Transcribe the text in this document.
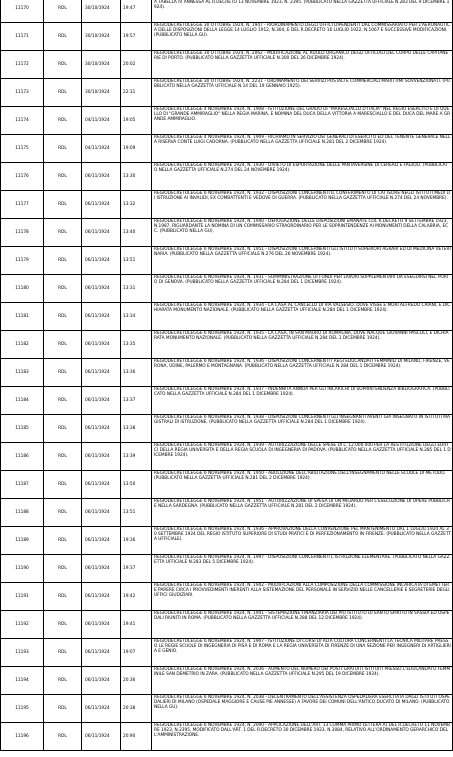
11170	RDL	30/10/1924	19:47	A TABELLA IV ANNESSA AL R.DECRETO 13 NOVEMBRE 1923, N. 2395. (PUBBLICATO NELLA GAZZETTA UFFICIALE N.283 DEL 9 DICEMBRE 1924).
11171	RDL	30/10/1924	19:57	REGIODECRETOLEGGE 30 OTTOBRE 1924, N. 1947 - RIORDINAMENTO DEGLI UFFICI DIPENDENTI DAL COMMISSARIATO PER L'AERONAUTICA DELLE DISPOSIZIONI DELLA LEGGE 14 LUGLIO 1912, N.304, E DEL R.DECRETO 16 LUGLIO 1922, N.1067 E SUCCESSIVE MODIFICAZIONI. (PUBBLICATO NELLA GU).
11172	RDL	30/10/1924	20:02	REGIODECRETOLEGGE 30 OTTOBRE 1924, N. 2062 - MODIFICAZIONE AL RUOLO ORGANICO DEGLI UFFICIALI DEL CORPO DELLE CAPITANERIE DI PORTO. (PUBBLICATO NELLA GAZZETTA UFFICIALE N.300 DEL 26 DICEMBRE 1924).
11173	RDL	30/10/1924	22:31	REGIODECRETOLEGGE 30 OTTOBRE 1924, N. 2231 - ORDINAMENTO DEI SERVIZI POSTALI E COMMERCIALI MARITTIMI SOVVENZIONATI. (PUBBLICATO NELLA GAZZETTA UFFICIALE N.14 DEL 19 GENNAIO 1925).
11174	RDL	04/11/1924	19:05	REGIODECRETOLEGGE 4 NOVEMBRE 1924, N. 1908 - ISTITUZIONE DEL GRADO DI "MARESCIALLO D'ITALIA" NEL REGIO ESERCITO E DI QUELLO DI "GRANDE AMMIRAGLIO" NELLA REGIA MARINA, E NOMINA DEL DUCA DELLA VITTORIA A MARESCIALLO E DEL DUCA DEL MARE A GRANDE AMMIRAGLIO.
11175	RDL	04/11/1924	19:09	REGIODECRETOLEGGE 4 NOVEMBRE 1924, N. 1909 - RICHIAMO IN SERVIZIO DEI GENERALI DI ESERCITO ED DEL TENENTE GENERALE NELLA RISERVA CONTE LUIGI CADORNA. (PUBBLICATO NELLA GAZZETTA UFFICIALE N.281 DEL 2 DICEMBRE 1924).
11176	RDL	06/11/1924	13:30	REGIODECRETOLEGGE 6 NOVEMBRE 1924, N. 1930 - DIVIETO DI ESPORTAZIONE DELLE PANTAVERSINE DI CEREALI E FAGIOLI. (PUBBLICATO NELLA GAZZETTA UFFICIALE N.274 DEL 24 NOVEMBRE 1924).
11177	RDL	06/11/1924	13:32	REGIODECRETOLEGGE 6 NOVEMBRE 1924, N. 1932 - DISPOSIZIONI CONCERNENTI IL CONFERIMENTO DI CATTEDRE NEGLI ISTITUTI MEDI DI ISTRUZIONE AI INVALIDI, EX COMBATTENTI E VEDOVE DI GUERRA. (PUBBLICATO NELLA GAZZETTA UFFICIALE N.274 DEL 24 NOVEMBRE).
11178	RDL	06/11/1924	13:40	REGIODECRETOLEGGE 6 NOVEMBRE 1924, N. 1940 - DEROGAZIONE DELLE DISPOSIZIONI EMANATE COL R.DECRETO 9 SETTEMBRE 1923, N.1987, RIGUARDANTE LA NOMINA DI UN COMMISSARIO STRAORDINARIO PER LE SOPRINTENDENZE AI MONUMENTI DELLA CALABRIA, ECC. (PUBBLICATO NELLA GU).
11179	RDL	06/11/1924	13:51	REGIODECRETOLEGGE 6 NOVEMBRE 1924, N. 1951 - DISPOSIZIONI CONCERNENTI GLI ISTITUTI SUPERIORI AGRARI ED DI MEDICINA VETERINARIA. (PUBBLICATO NELLA GAZZETTA UFFICIALE N.276 DEL 26 NOVEMBRE 1924).
11180	RDL	06/11/1924	13:31	REGIODECRETOLEGGE 6 NOVEMBRE 1924, N. 1931 - SOMMINISTRAZIONE DI FONDI PER LAVORI SUPPLEMENTARI DA ESEGUIRSI NEL PORTO DI GENOVA. (PUBBLICATO NELLA GAZZETTA UFFICIALE N.284 DEL 1 DICEMBRE 1924).
11181	RDL	06/11/1924	13:34	REGIODECRETOLEGGE 6 NOVEMBRE 1924, N. 1934 - LA CASA AL CANCELLO DI VIA VALSESIO, DOVE VISSE E MORI ALFREDO CRIANI, E DICHIARATA MONUMENTO NAZIONALE. (PUBBLICATO NELLA GAZZETTA UFFICIALE N.284 DEL 1 DICEMBRE 1924).
11182	RDL	06/11/1924	13:35	REGIODECRETOLEGGE 6 NOVEMBRE 1924, N. 1935 - LA CASA, IN SAN MAURO DI ROMAGNA, DOVE NACQUE GIOVANNI PASCOLI, E DICHIARATA MONUMENTO NAZIONALE. (PUBBLICATO NELLA GAZZETTA UFFICIALE N.284 DEL 1 DICEMBRE 1924).
11183	RDL	06/11/1924	13:36	REGIODECRETOLEGGE 6 NOVEMBRE 1924, N. 1936 - DISPOSIZIONI CONCERNENTI I REGI EDUCANDATI FEMMINILI DI MILANO, FIRENZE, VERONA, UDINE, PALERMO E MONTAGNANA. (PUBBLICATO NELLA GAZZETTA UFFICIALE N.284 DEL 1 DICEMBRE 1924).
11184	RDL	06/11/1924	13:37	REGIODECRETOLEGGE 6 NOVEMBRE 1924, N. 1937 - INDENNITA ANNUA PER GLI INCARICHI DI SOPRINTENDENZA BIBLIOGRAFICA. (PUBBLICATO NELLA GAZZETTA UFFICIALE N.284 DEL 1 DICEMBRE 1924).
11185	RDL	06/11/1924	13:38	REGIODECRETOLEGGE 6 NOVEMBRE 1924, N. 1938 - DISPOSIZIONI CONCERNENTI GLI INSEGNANTI AVENTI GIA INSEGNATO IN ISTITUTI MAGISTRALI DI ISTRUZIONE. (PUBBLICATO NELLA GAZZETTA UFFICIALE N.284 DEL 1 DICEMBRE 1924).
11186	RDL	06/11/1924	13:39	REGIODECRETOLEGGE 6 NOVEMBRE 1924, N. 1939 - AUTORIZZAZIONE DELLE SPESE DI L. 12.000.000 PER LA RESTITUZIONE DEGLI EDIFICI DELLA REGIA UNIVERSITA E DELLA REGIA SCUOLA DI INGEGNERIA DI PADOVA. (PUBBLICATO NELLA GAZZETTA UFFICIALE N.285 DEL 1 DICEMBRE 1924).
11187	RDL	06/11/1924	13:50	REGIODECRETOLEGGE 6 NOVEMBRE 1924, N. 1950 - ABOLIZIONE DELL'ABILITAZIONE DELL'INSEGNAMENTO NELLE SCUOLE DI METODO. (PUBBLICATO NELLA GAZZETTA UFFICIALE N.281 DEL 2 DICEMBRE 1924).
11188	RDL	06/11/1924	13:51	REGIODECRETOLEGGE 6 NOVEMBRE 1924, N. 1951 - AUTORIZZAZIONE DI SPESA DI UN MILIARDO PER L'ESECUZIONE DI OPERE PUBBLICHE NELLA SARDEGNA. (PUBBLICATO NELLA GAZZETTA UFFICIALE N.281 DEL 2 DICEMBRE 1924).
11189	RDL	06/11/1924	19:36	REGIODECRETOLEGGE 6 NOVEMBRE 1924, N. 1936 - APPROVAZIONE DELLA CONVENZIONE PEL MANTENIMENTO DAL 1 LUGLIO 1924 AL 30 SETTEMBRE 1924 DEL REGIO ISTITUTO SUPERIORE DI STUDI PRATICI E DI PERFEZIONAMENTO IN FIRENZE. (PUBBLICATO NELLA GAZZETTA UFFICIALE).
11190	RDL	06/11/1924	19:37	REGIODECRETOLEGGE 6 NOVEMBRE 1924, N. 1997 - DISPOSIZIONI CONCERNENTI L'ISTRUZIONE ELEMENTARE. (PUBBLICATO NELLA GAZZETTA UFFICIALE N.283 DEL 5 DICEMBRE 1924).
11191	RDL	06/11/1924	19:42	REGIODECRETOLEGGE 6 NOVEMBRE 1924, N. 1942 - MODIFICAZIONI ALLA COMPOSIZIONE DELLA COMMISSIONE INCARICATA DI EMETTERE PARERE CIRCA I PROVVEDIMENTI INERENTI ALLA SISTEMAZIONE DEL PERSONALE IN SERVIZIO NELLE CANCELLERIE E SEGRETERIE DEGLI UFFICI GIUDIZIARI.
11192	RDL	06/11/1924	19:41	REGIODECRETOLEGGE 6 NOVEMBRE 1924, N. 1941 - SISTEMAZIONE FINANZIARIA DEI PIO ISTITUTO DI SANTO SPIRITO IN SASSIA ED OSPEDALI RIUNITI IN ROMA. (PUBBLICATO NELLA GAZZETTA UFFICIALE N.288 DEL 12 DICEMBRE 1924).
11193	RDL	06/11/1924	19:07	REGIODECRETOLEGGE 6 NOVEMBRE 1924, N. 1907 - ISTITUZIONE DI CORSI DI ALTA COLTURA CONCERNENTI LA TECNICA MILITARE PRESSO LE REGIE SCUOLE DI INGEGNERIA DI PISA E DI ROMA E LA REGIA UNIVERSITA DI FIRENZE DI UNA SEZIONE PER INGEGNERI DI ARTIGLIERIA E GENIO.
11194	RDL	06/11/1924	20:36	REGIODECRETOLEGGE 6 NOVEMBRE 1924, N. 2036 - AUMENTO DEL NUMERO DEI POSTI GRATUITI ISTITUITI PRESSO L'EDUCANDATO FEMMINILE SAN DEMETRIO IN ZARA. (PUBBLICATO NELLA GAZZETTA UFFICIALE N.295 DEL 19 DICEMBRE 1924).
11195	RDL	06/11/1924	20:38	REGIODECRETOLEGGE 6 NOVEMBRE 1924, N. 2038 - DECENTRAMENTO DELL'ASSISTENZA OSPEDALIERA ESERCITATA DAGLI ISTITUTI OSPEDALIERI DI MILANO (OSPEDALE MAGGIORE E CAUSE PIE ANNESSE) A FAVORE DEI COMUNI DELL'ANTICO DUCATO DI MILANO. (PUBBLICATO NELLA GU).
11196	RDL	06/11/1924	20:90	REGIODECRETOLEGGE 6 NOVEMBRE 1924, N. 2090 - APPLICAZIONE DELL'ART. 13 COMMA PRIMO LETTERA A) DEL R.DECRETO 11 NOVEMBRE 1923, N.2395, MODIFICATO DALL'ART. 1 DEL R.DECRETO 30 DICEMBRE 1923, N.3084, RELATIVO ALL'ORDINAMENTO GERARCHICO DELL'AMMINISTRAZIONE.
